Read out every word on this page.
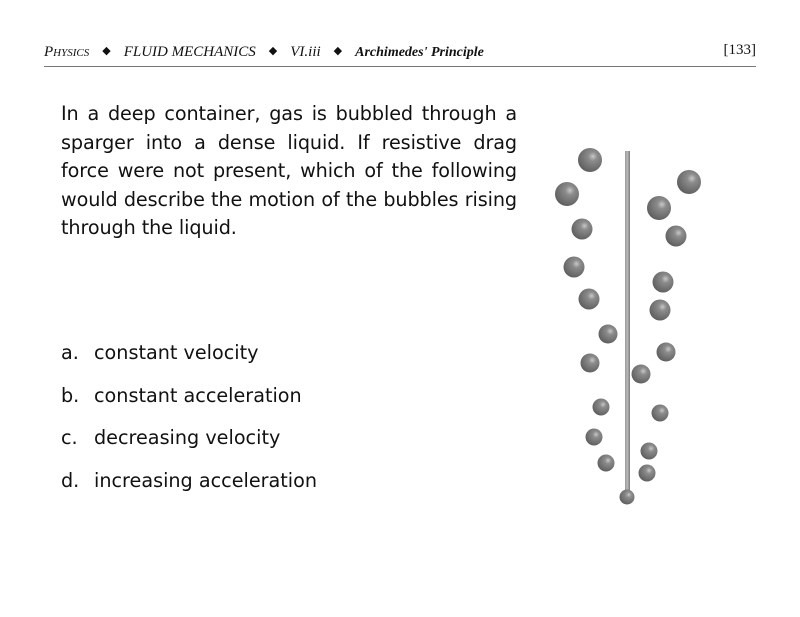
Physics ◆ FLUID MECHANICS ◆ VI.iii ◆ Archimedes' Principle	[133]
In a deep container, gas is bubbled through a sparger into a dense liquid. If resistive drag force were not present, which of the following would describe the motion of the bubbles rising through the liquid.
a. constant velocity
b. constant acceleration
c. decreasing velocity
d. increasing acceleration
